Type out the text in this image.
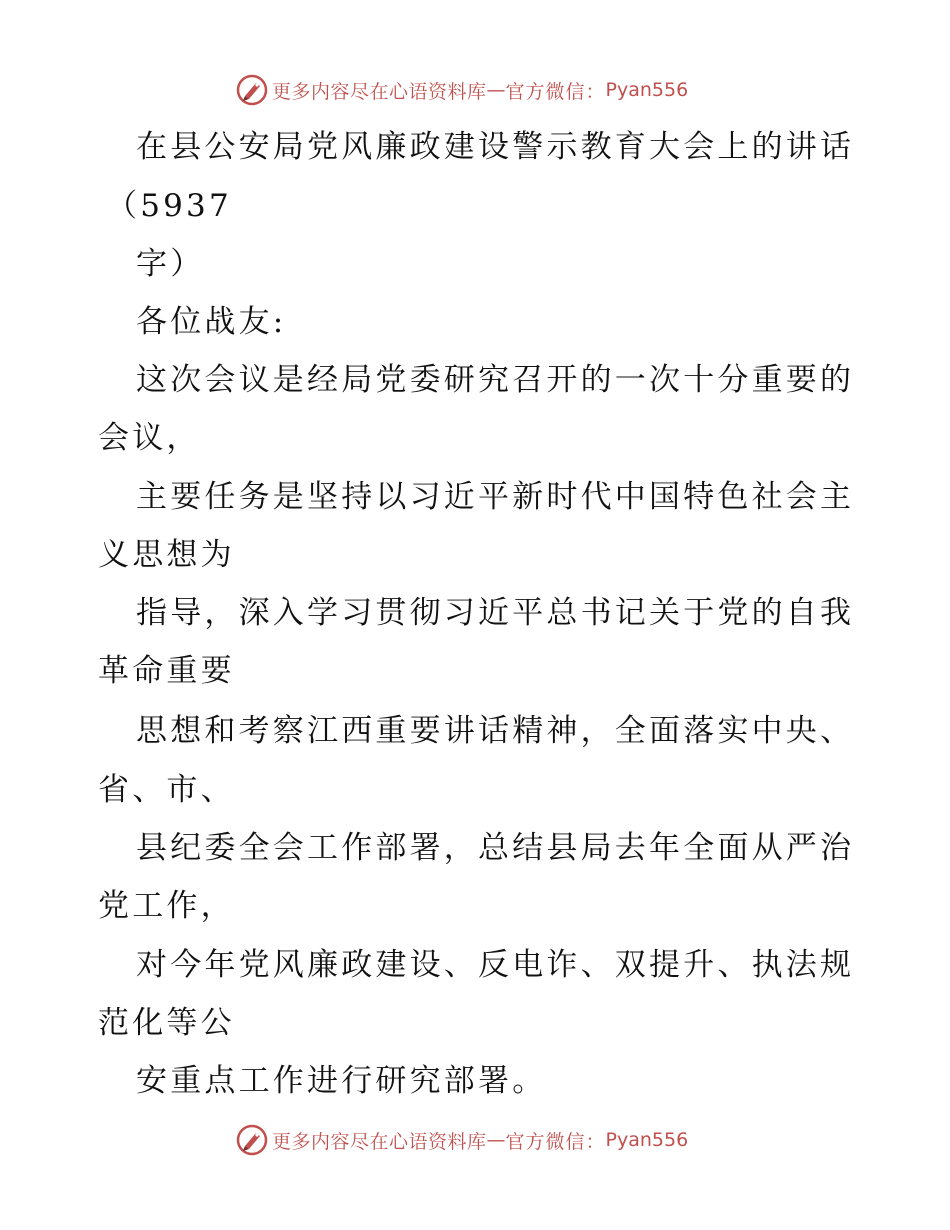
更多内容尽在心语资料库 — 官方微信： Pyan556
在县公安局党风廉政建设警示教育大会上的讲话
（5937
字）
各位战友:
这次会议是经局党委研究召开的一次十分重要的
会议，
主要任务是坚持以习近平新时代中国特色社会主
义思想为
指导，深入学习贯彻习近平总书记关于党的自我
革命重要
思想和考察江西重要讲话精神，全面落实中央、
省、市、
县纪委全会工作部署，总结县局去年全面从严治
党工作，
对今年党风廉政建设、反电诈、双提升、执法规
范化等公
安重点工作进行研究部署。
更多内容尽在心语资料库 — 官方微信： Pyan556
